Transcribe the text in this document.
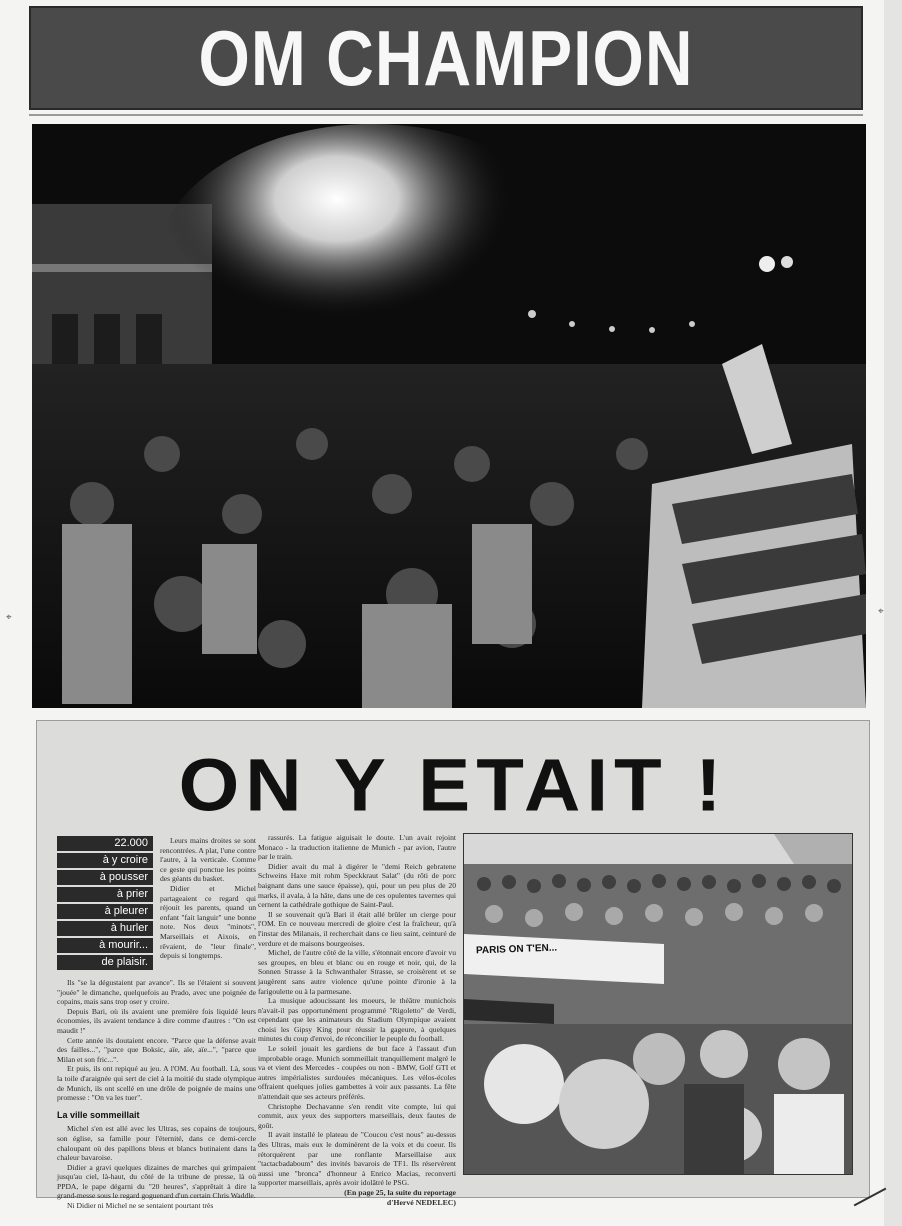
OM CHAMPION
⌖
⌖
ON Y ETAIT !
22.000
à y croire
à pousser
à prier
à pleurer
à hurler
à mourir...
de plaisir.

Leurs mains droites se sont rencontrées. A plat, l'une contre l'autre, à la verticale. Comme ce geste qui ponctue les points des géants du basket.

Didier et Michel partageaient ce regard qui réjouit les parents, quand un enfant "fait languir" une bonne note. Nos deux "minots", Marseillais et Aixois, en rêvaient, de "leur finale", depuis si longtemps.

Ils "se la dégustaient par avance". Ils se l'étaient si souvent "jouée" le dimanche, quelquefois au Prado, avec une poignée de copains, mais sans trop oser y croire.

Depuis Bari, où ils avaient une première fois liquidé leurs économies, ils avaient tendance à dire comme d'autres : "On est maudit !"

Cette année ils doutaient encore. "Parce que la défense avait des failles...", "parce que Boksic, aïe, aïe, aïe...", "parce que Milan et son fric...".

Et puis, ils ont repiqué au jeu. A l'OM. Au football. Là, sous la toile d'araignée qui sert de ciel à la moitié du stade olympique de Munich, ils ont scellé en une drôle de poignée de mains une promesse : "On va les tuer".

La ville sommeillait

Michel s'en est allé avec les Ultras, ses copains de toujours, son église, sa famille pour l'éternité, dans ce demi-cercle chaloupant où des papillons bleus et blancs butinaient dans la chaleur bavaroise.

Didier a gravi quelques dizaines de marches qui grimpaient jusqu'au ciel, là-haut, du côté de la tribune de presse, là où PPDA, le pape dégarni du "20 heures", s'apprêtait à dire la grand-messe sous le regard goguenard d'un certain Chris Waddle.

Ni Didier ni Michel ne se sentaient pourtant très

rassurés. La fatigue aiguisait le doute. L'un avait rejoint Monaco - la traduction italienne de Munich - par avion, l'autre par le train.

Didier avait du mal à digérer le "demi Reich gebratene Schweins Haxe mit rohm Speckkraut Salat" (du rôti de porc baignant dans une sauce épaisse), qui, pour un peu plus de 20 marks, il avala, à la hâte, dans une de ces opulentes tavernes qui cernent la cathédrale gothique de Saint-Paul.

Il se souvenait qu'à Bari il était allé brûler un cierge pour l'OM. En ce nouveau mercredi de gloire c'est la fraîcheur, qu'à l'instar des Milanais, il recherchait dans ce lieu saint, ceinturé de verdure et de maisons bourgeoises.

Michel, de l'autre côté de la ville, s'étonnait encore d'avoir vu ses groupes, en bleu et blanc ou en rouge et noir, qui, de la Sonnen Strasse à la Schwanthaler Strasse, se croisèrent et se jaugèrent sans autre violence qu'une pointe d'ironie à la farigoulette ou à la parmesane.

La musique adoucissant les moeurs, le théâtre munichois n'avait-il pas opportunément programmé "Rigoletto" de Verdi, cependant que les animateurs du Stadium Olympique avaient choisi les Gipsy King pour réussir la gageure, à quelques minutes du coup d'envoi, de réconcilier le peuple du football.

Le soleil jouait les gardiens de but face à l'assaut d'un improbable orage. Munich sommeillait tranquillement malgré le va et vient des Mercedes - coupées ou non - BMW, Golf GTI et autres impérialistes surdouées mécaniques. Les vélos-écoles offraient quelques jolies gambettes à voir aux passants. La fête n'attendait que ses acteurs préférés.

Christophe Dechavanne s'en rendit vite compte, lui qui commit, aux yeux des supporters marseillais, deux fautes de goût.

Il avait installé le plateau de "Coucou c'est nous" au-dessus des Ultras, mais eux le dominèrent de la voix et du coeur. Ils rétorquèrent par une ronflante Marseillaise aux "tactacbadaboum" des invités bavarois de TF1. Ils réservèrent aussi une "bronca" d'honneur à Enrico Macias, reconverti supporter marseillais, après avoir idolâtré le PSG.

(En page 25, la suite du reportage

d'Hervé NEDELEC)

PARIS ON T'EN...
